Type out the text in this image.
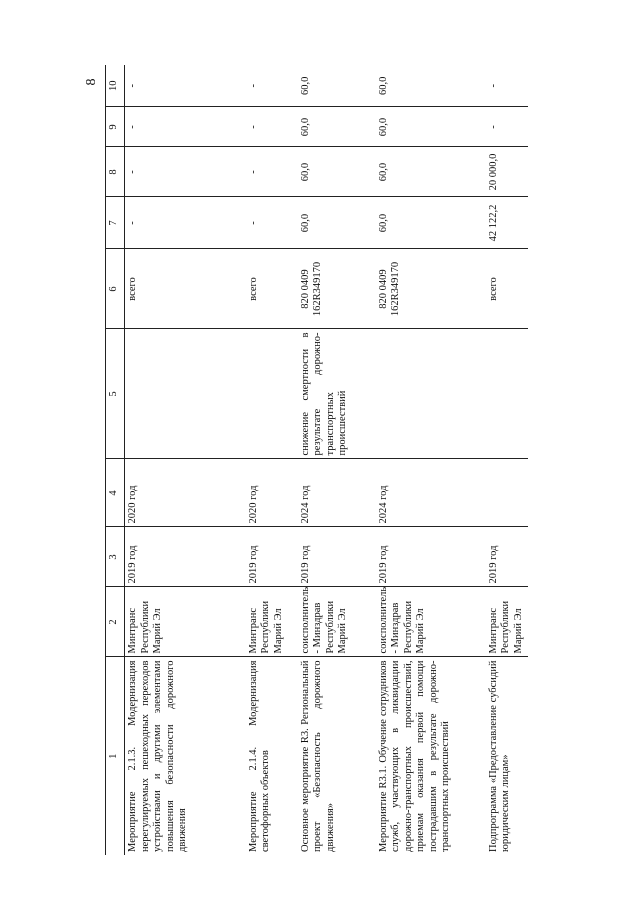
8
1	2	3	4	5	6	7	8	9	10
Мероприятие 2.1.3. Модернизация нерегулируемых пешеходных переходов устройствами и другими элементами повышения безопасности дорожного движения	Минтранс Республики Марий Эл	2019 год	2020 год		всего	-	-	-	-
Мероприятие 2.1.4. Модернизация светофорных объектов	Минтранс Республики Марий Эл	2019 год	2020 год		всего	-	-	-	-
Основное мероприятие R3. Региональный проект «Безопасность дорожного движения»	соисполнитель - Минздрав Республики Марий Эл	2019 год	2024 год	снижение смертности в результате дорожно-транспортных происшествий	820 0409 162R349170	60,0	60,0	60,0	60,0
Мероприятие R3.1. Обучение сотрудников служб, участвующих в ликвидации дорожно-транспортных происшествий, приемам оказания первой помощи пострадавшим в результате дорожно-транспортных происшествий	соисполнитель - Минздрав Республики Марий Эл	2019 год	2024 год		820 0409 162R349170	60,0	60,0	60,0	60,0
Подпрограмма «Предоставление субсидий юридическим лицам»	Минтранс Республики Марий Эл	2019 год			всего	42 122,2	20 000,0	-	-
